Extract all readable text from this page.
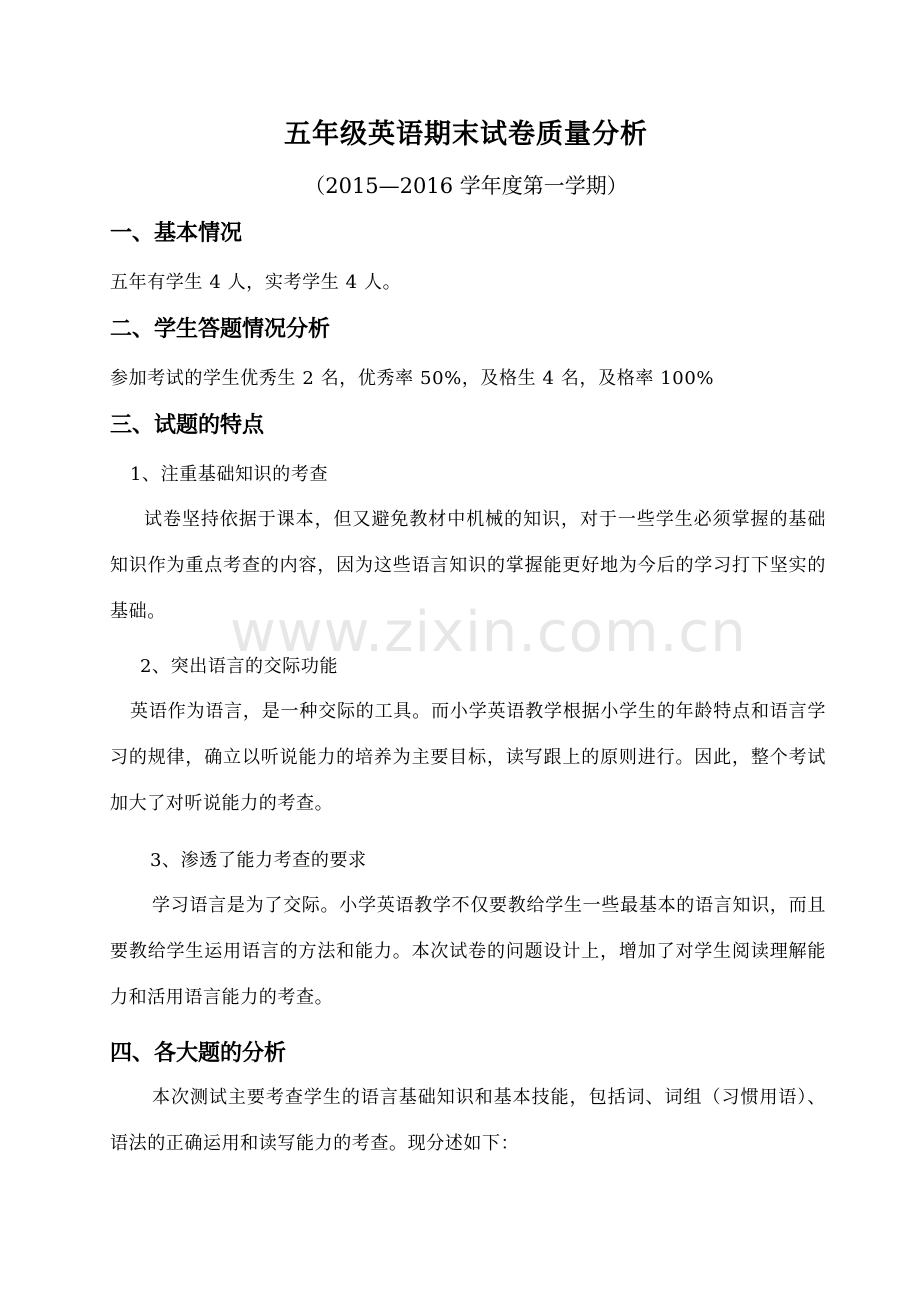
五年级英语期末试卷质量分析
（2015—2016 学年度第一学期）
一、基本情况
五年有学生 4 人，实考学生 4 人。
二、学生答题情况分析
参加考试的学生优秀生 2 名，优秀率 50%，及格生 4 名，及格率 100%
三、试题的特点
1、注重基础知识的考查
试卷坚持依据于课本，但又避免教材中机械的知识，对于一些学生必须掌握的基础知识作为重点考查的内容，因为这些语言知识的掌握能更好地为今后的学习打下坚实的基础。
2、突出语言的交际功能
英语作为语言，是一种交际的工具。而小学英语教学根据小学生的年龄特点和语言学习的规律，确立以听说能力的培养为主要目标，读写跟上的原则进行。因此，整个考试加大了对听说能力的考查。
3、渗透了能力考查的要求
学习语言是为了交际。小学英语教学不仅要教给学生一些最基本的语言知识，而且要教给学生运用语言的方法和能力。本次试卷的问题设计上，增加了对学生阅读理解能力和活用语言能力的考查。
四、各大题的分析
本次测试主要考查学生的语言基础知识和基本技能，包括词、词组（习惯用语）、语法的正确运用和读写能力的考查。现分述如下：
www.zixin.com.cn
